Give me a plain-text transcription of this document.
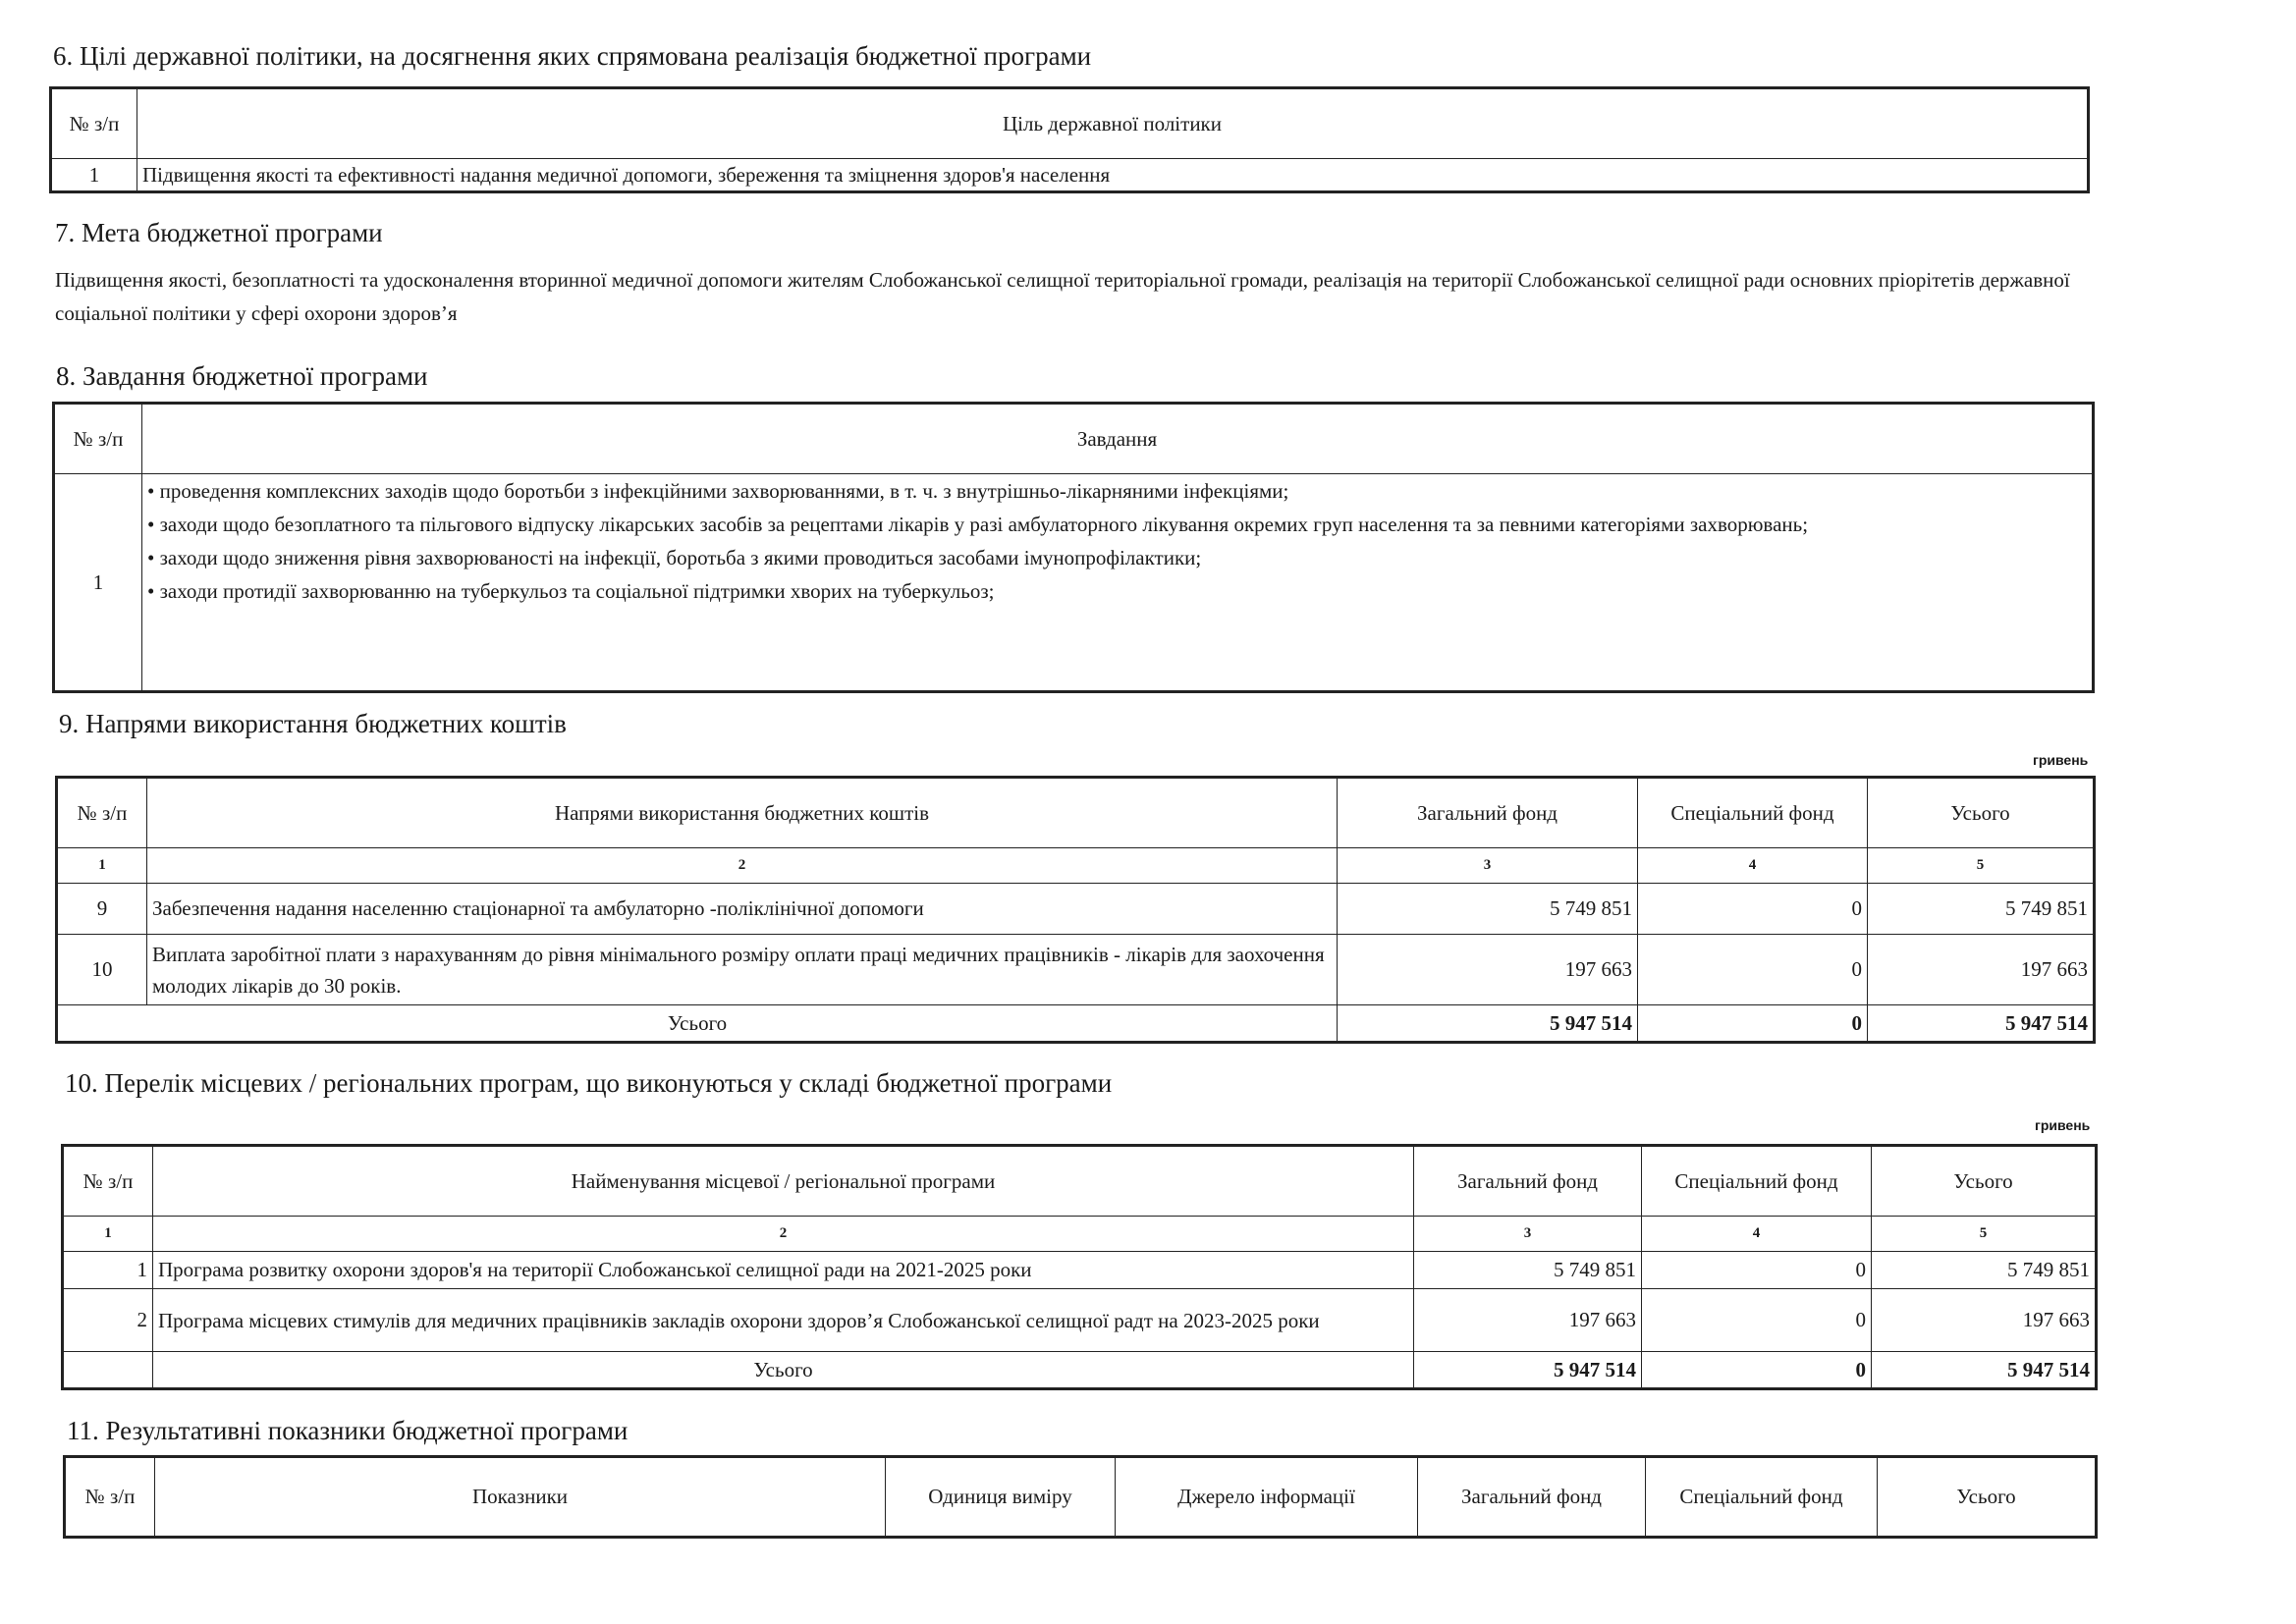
6. Цілі державної політики, на досягнення яких спрямована реалізація бюджетної програми
№ з/п	Ціль державної політики
1	Підвищення якості та ефективності надання медичної допомоги, збереження та зміцнення здоров'я населення
7. Мета бюджетної програми
Підвищення якості, безоплатності та удосконалення вторинної медичної допомоги жителям Слобожанської селищної територіальної громади, реалізація на території Слобожанської селищної ради основних пріорітетів державної соціальної політики у сфері охорони здоров’я
8. Завдання бюджетної програми
№ з/п	Завдання
1	• проведення комплексних заходів щодо боротьби з інфекційними захворюваннями, в т. ч. з внутрішньо-лікарняними інфекціями;
• заходи щодо безоплатного та пільгового відпуску лікарських засобів за рецептами лікарів у разі амбулаторного лікування окремих груп населення та за певними категоріями захворювань;
• заходи щодо зниження рівня захворюваності на інфекції, боротьба з якими проводиться засобами імунопрофілактики;
• заходи протидії захворюванню на туберкульоз та соціальної підтримки хворих на туберкульоз;
9. Напрями використання бюджетних коштів
гривень
№ з/п	Напрями використання бюджетних коштів	Загальний фонд	Спеціальний фонд	Усього
1	2	3	4	5
9	Забезпечення надання населенню стаціонарної та амбулаторно -поліклінічної допомоги	5 749 851	0	5 749 851
10	Виплата заробітної плати з нарахуванням до рівня мінімального розміру оплати праці медичних працівників - лікарів для заохочення молодих лікарів до 30 років.	197 663	0	197 663
Усього		5 947 514	0	5 947 514
10. Перелік місцевих / регіональних програм, що виконуються у складі бюджетної програми
гривень
№ з/п	Найменування місцевої / регіональної програми	Загальний фонд	Спеціальний фонд	Усього
1	2	3	4	5
1	Програма розвитку охорони здоров'я на території Слобожанської селищної ради на 2021-2025 роки	5 749 851	0	5 749 851
2	Програма місцевих стимулів для медичних працівників закладів охорони здоров’я Слобожанської селищної радт на 2023-2025 роки	197 663	0	197 663
	Усього	5 947 514	0	5 947 514
11. Результативні показники бюджетної програми
№ з/п	Показники	Одиниця виміру	Джерело інформації	Загальний фонд	Спеціальний фонд	Усього
